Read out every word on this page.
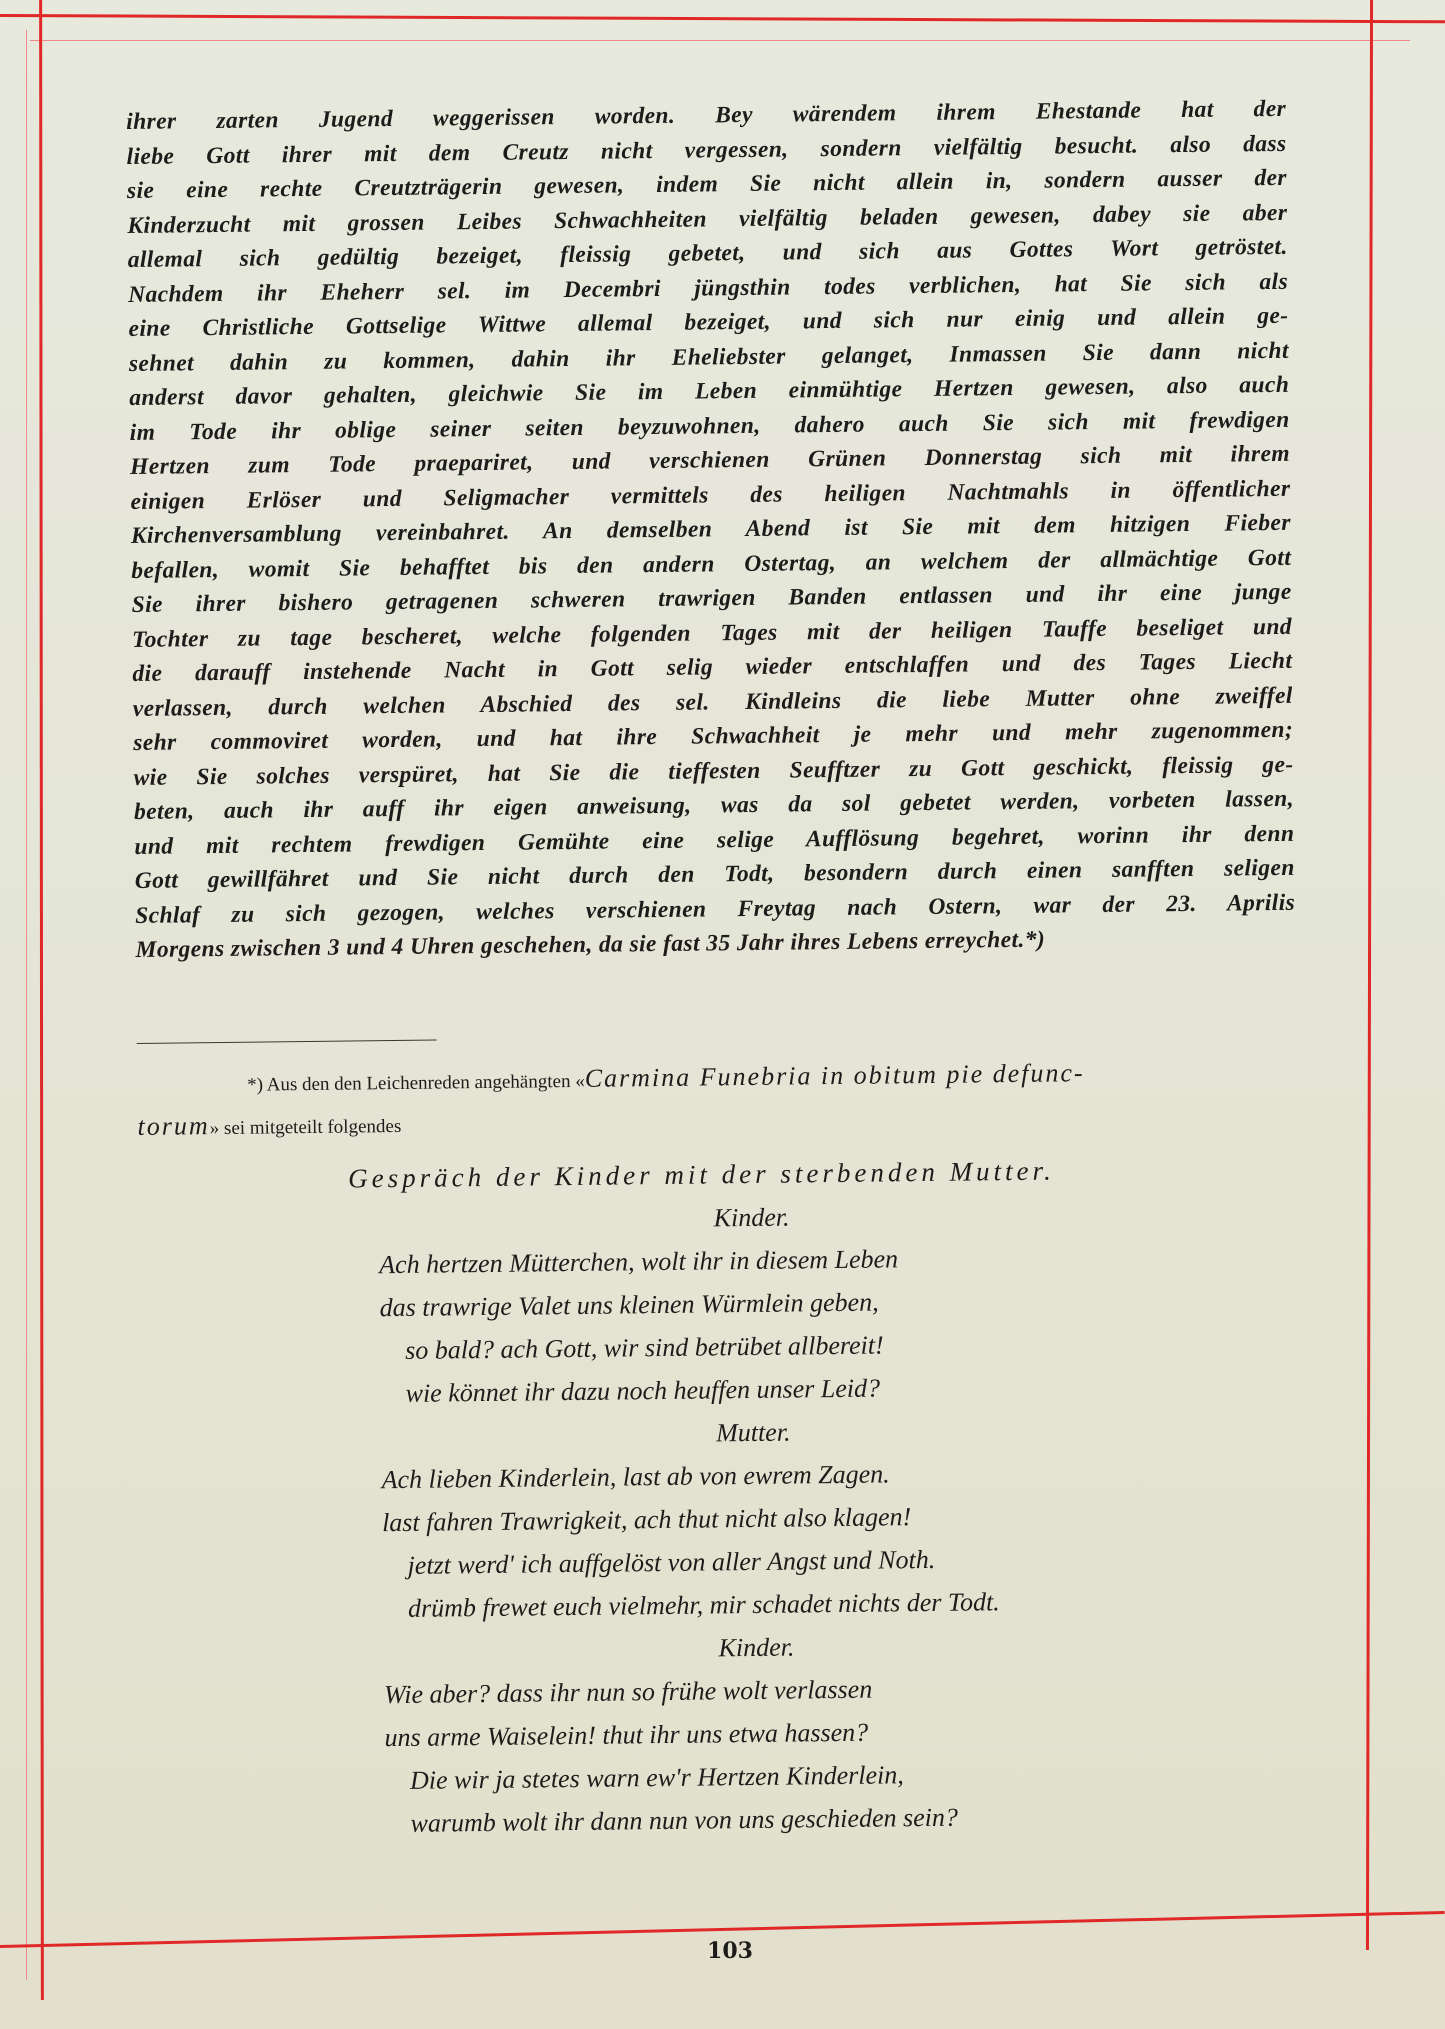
ihrer zarten Jugend weggerissen worden. Bey wärendem ihrem Ehestande hat der
liebe Gott ihrer mit dem Creutz nicht vergessen, sondern vielfältig besucht. also dass
sie eine rechte Creutzträgerin gewesen, indem Sie nicht allein in, sondern ausser der
Kinderzucht mit grossen Leibes Schwachheiten vielfältig beladen gewesen, dabey sie aber
allemal sich gedültig bezeiget, fleissig gebetet, und sich aus Gottes Wort getröstet.
Nachdem ihr Eheherr sel. im Decembri jüngsthin todes verblichen, hat Sie sich als
eine Christliche Gottselige Wittwe allemal bezeiget, und sich nur einig und allein ge-
sehnet dahin zu kommen, dahin ihr Eheliebster gelanget, Inmassen Sie dann nicht
anderst davor gehalten, gleichwie Sie im Leben einmühtige Hertzen gewesen, also auch
im Tode ihr oblige seiner seiten beyzuwohnen, dahero auch Sie sich mit frewdigen
Hertzen zum Tode praepariret, und verschienen Grünen Donnerstag sich mit ihrem
einigen Erlöser und Seligmacher vermittels des heiligen Nachtmahls in öffentlicher
Kirchenversamblung vereinbahret. An demselben Abend ist Sie mit dem hitzigen Fieber
befallen, womit Sie behafftet bis den andern Ostertag, an welchem der allmächtige Gott
Sie ihrer bishero getragenen schweren trawrigen Banden entlassen und ihr eine junge
Tochter zu tage bescheret, welche folgenden Tages mit der heiligen Tauffe beseliget und
die darauff instehende Nacht in Gott selig wieder entschlaffen und des Tages Liecht
verlassen, durch welchen Abschied des sel. Kindleins die liebe Mutter ohne zweiffel
sehr commoviret worden, und hat ihre Schwachheit je mehr und mehr zugenommen;
wie Sie solches verspüret, hat Sie die tieffesten Seufftzer zu Gott geschickt, fleissig ge-
beten, auch ihr auff ihr eigen anweisung, was da sol gebetet werden, vorbeten lassen,
und mit rechtem frewdigen Gemühte eine selige Aufflösung begehret, worinn ihr denn
Gott gewillfähret und Sie nicht durch den Todt, besondern durch einen sanfften seligen
Schlaf zu sich gezogen, welches verschienen Freytag nach Ostern, war der 23. Aprilis
Morgens zwischen 3 und 4 Uhren geschehen, da sie fast 35 Jahr ihres Lebens erreychet.*)

*) Aus den den Leichenreden angehängten «Carmina Funebria in obitum pie defunc-
torum» sei mitgeteilt folgendes
Gespräch der Kinder mit der sterbenden Mutter.
Kinder.
Ach hertzen Mütterchen, wolt ihr in diesem Leben
das trawrige Valet uns kleinen Würmlein geben,
so bald? ach Gott, wir sind betrübet allbereit!
wie könnet ihr dazu noch heuffen unser Leid?
Mutter.
Ach lieben Kinderlein, last ab von ewrem Zagen.
last fahren Trawrigkeit, ach thut nicht also klagen!
jetzt werd' ich auffgelöst von aller Angst und Noth.
drümb frewet euch vielmehr, mir schadet nichts der Todt.
Kinder.
Wie aber? dass ihr nun so frühe wolt verlassen
uns arme Waiselein! thut ihr uns etwa hassen?
Die wir ja stetes warn ew'r Hertzen Kinderlein,
warumb wolt ihr dann nun von uns geschieden sein?
103
